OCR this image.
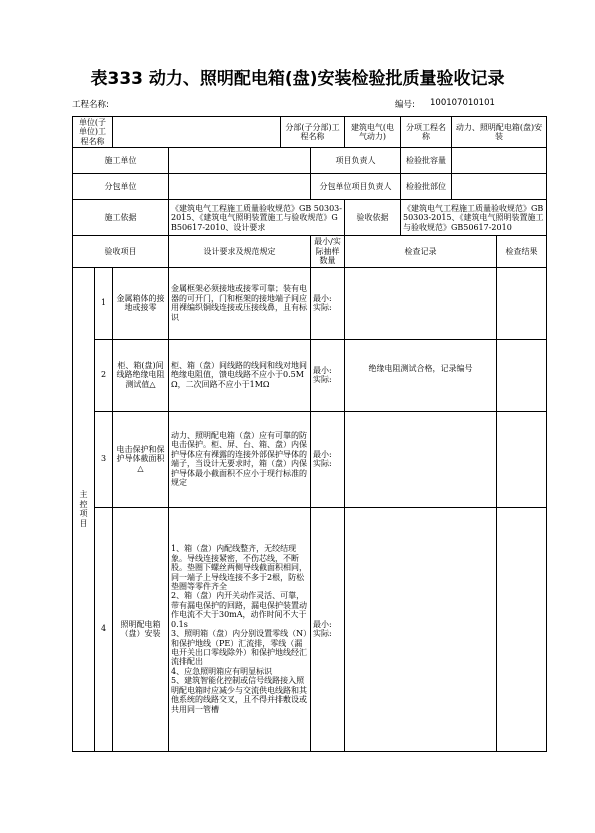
表333 动力、照明配电箱(盘)安装检验批质量验收记录
工程名称:	编号: 100107010101
单位(子单位)工程名称				分部(子分部)工程名称		建筑电气(电气动力)	分项工程名称	动力、照明配电箱(盘)安装	
施工单位					项目负责人		检验批容量		
分包单位					分包单位项目负责人		检验批部位		
施工依据			《建筑电气工程施工质量验收规范》GB 50303-2015、《建筑电气照明装置施工与验收规范》GB50617-2010、设计要求			验收依据	《建筑电气工程施工质量验收规范》GB50303-2015、《建筑电气照明装置施工与验收规范》GB50617-2010		
验收项目			设计要求及规范规定		最小/实际抽样数量	检查记录			检查结果
主
控
项
目	1	金属箱体的接地或接零	金属框架必须接地或接零可靠；装有电器的可开门，门和框架的接地端子间应用裸编织铜线连接或压接线鼻，且有标识		最小:
实际:				
	2	柜、箱(盘)间线路绝缘电阻测试值△	柜、箱（盘）间线路的线间和线对地间绝缘电阻值，馈电线路不应小于0.5MΩ，二次回路不应小于1MΩ		最小:
实际:	绝缘电阻测试合格，记录编号			
	3	电击保护和保护导体截面积△	动力、照明配电箱（盘）应有可靠的防电击保护。柜、屏、台、箱、盘）内保护导体应有裸露的连接外部保护导体的端子，当设计无要求时，箱（盘）内保护导体最小截面积不应小于现行标准的规定		最小:
实际:				
	4	照明配电箱（盘）安装	1、箱（盘）内配线整齐，无绞结现象。导线连接紧密，不伤芯线，不断股。垫圈下螺丝两侧导线截面积相同，同一端子上导线连接不多于2根，防松垫圈等零件齐全
2、箱（盘）内开关动作灵活、可靠，带有漏电保护的回路，漏电保护装置动作电流不大于30mA，动作时间不大于0.1s
3、照明箱（盘）内分别设置零线（N）和保护地线（PE）汇流排，零线（漏电开关出口零线除外）和保护地线经汇流排配出
4、应急照明箱应有明显标识
5、建筑智能化控制或信号线路接入照明配电箱时应减少与交流供电线路和其他系统的线路交叉，且不得并排敷设或共用同一管槽		最小:
实际:				
